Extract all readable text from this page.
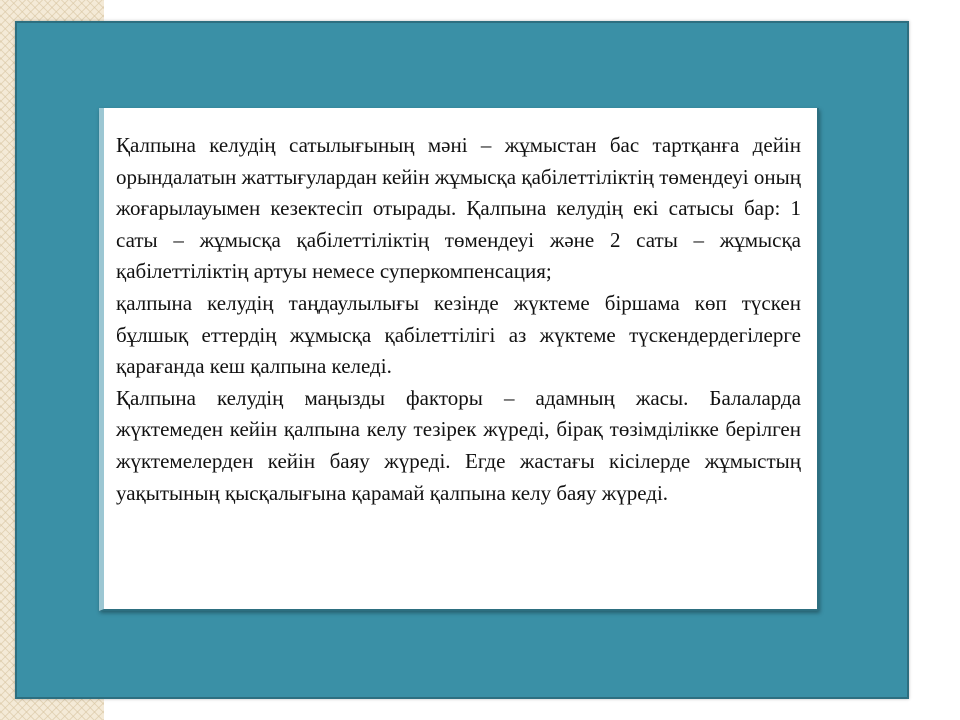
Қалпына келудің сатылығының мәні – жұмыстан бас тартқанға дейін орындалатын жаттығулардан кейін жұмысқа қабілеттіліктің төмендеуі оның жоғарылауымен кезектесіп отырады. Қалпына келудің екі сатысы бар: 1 саты – жұмысқа қабілеттіліктің төмендеуі және 2 саты – жұмысқа қабілеттіліктің артуы немесе суперкомпенсация;

қалпына келудің таңдаулылығы кезінде жүктеме біршама көп түскен бұлшық еттердің жұмысқа қабілеттілігі аз жүктеме түскендердегілерге қарағанда кеш қалпына келеді.

Қалпына келудің маңызды факторы – адамның жасы. Балаларда жүктемеден кейін қалпына келу тезірек жүреді, бірақ төзімділікке берілген жүктемелерден кейін баяу жүреді. Егде жастағы кісілерде жұмыстың уақытының қысқалығына қарамай қалпына келу баяу жүреді.
